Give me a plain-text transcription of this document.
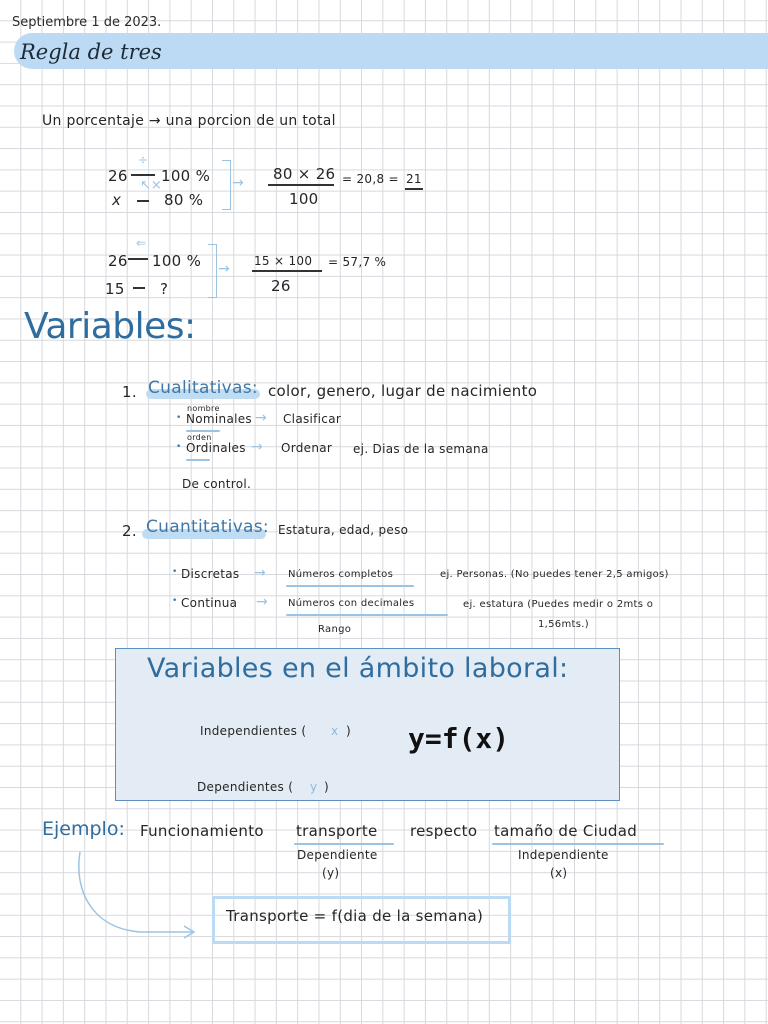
Septiembre 1 de 2023.
Regla de tres
Un porcentaje → una porcion de un total
26 100 %
x	80 %
÷
↖×	→ 80 × 26
100
= 20,8 = 21
26 100 %
15 ?
⇐
→ 15 × 100
26
= 57,7 %
Variables:
1. Cualitativas: color, genero, lugar de nacimiento
nombre
• Nominales → Clasificar
orden
• Ordinales → Ordenar ej. Dias de la semana
De control.
2. Cuantitativas: Estatura, edad, peso
• Discretas → Números completos	ej. Personas. (No puedes tener 2,5 amigos)
• Continua → Números con decimales
Rango
ej. estatura (Puedes medir o 2mts o
1,56mts.)
Variables en el ámbito laboral:
Independientes ( x ) y=f(x)
Dependientes ( y )
Ejemplo: Funcionamiento transporte respecto tamaño de Ciudad
Dependiente
(y)
Independiente
(x)
Transporte = f(dia de la semana)
